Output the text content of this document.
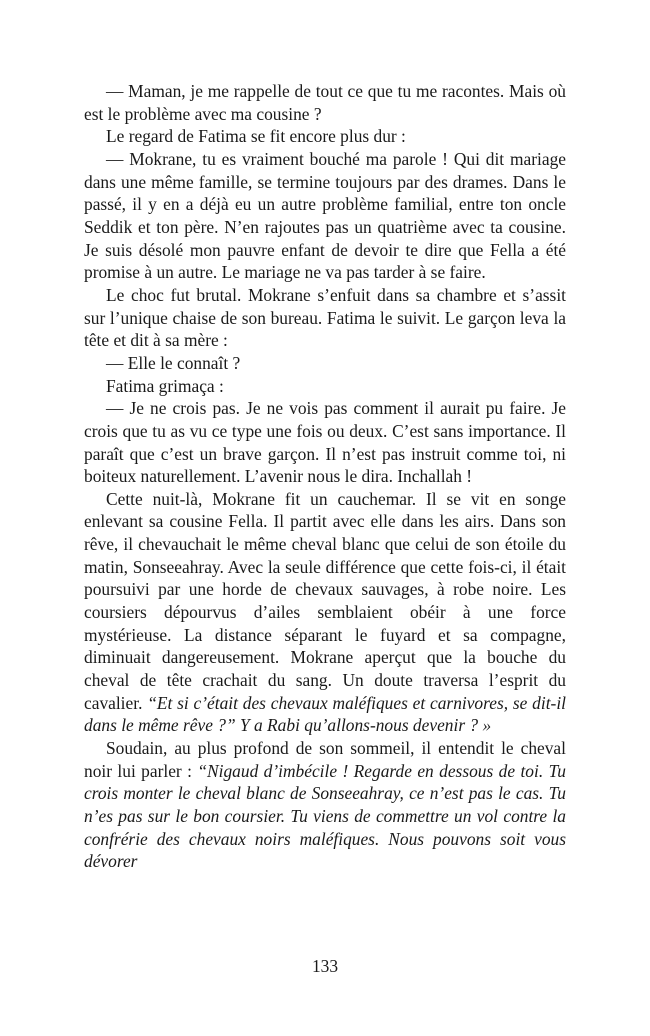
— Maman, je me rappelle de tout ce que tu me racontes. Mais où est le problème avec ma cousine ?

Le regard de Fatima se fit encore plus dur :

— Mokrane, tu es vraiment bouché ma parole ! Qui dit mariage dans une même famille, se termine toujours par des drames. Dans le passé, il y en a déjà eu un autre problème familial, entre ton oncle Seddik et ton père. N’en rajoutes pas un quatrième avec ta cousine. Je suis désolé mon pauvre enfant de devoir te dire que Fella a été promise à un autre. Le mariage ne va pas tarder à se faire.

Le choc fut brutal. Mokrane s’enfuit dans sa chambre et s’assit sur l’unique chaise de son bureau. Fatima le suivit. Le garçon leva la tête et dit à sa mère :

— Elle le connaît ?

Fatima grimaça :

— Je ne crois pas. Je ne vois pas comment il aurait pu faire. Je crois que tu as vu ce type une fois ou deux. C’est sans importance. Il paraît que c’est un brave garçon. Il n’est pas instruit comme toi, ni boiteux naturellement. L’avenir nous le dira. Inchallah !

Cette nuit-là, Mokrane fit un cauchemar. Il se vit en songe enlevant sa cousine Fella. Il partit avec elle dans les airs. Dans son rêve, il chevauchait le même cheval blanc que celui de son étoile du matin, Sonseeahray. Avec la seule différence que cette fois-ci, il était poursuivi par une horde de chevaux sauvages, à robe noire. Les coursiers dépourvus d’ailes semblaient obéir à une force mystérieuse. La distance séparant le fuyard et sa compagne, diminuait dangereusement. Mokrane aperçut que la bouche du cheval de tête crachait du sang. Un doute traversa l’esprit du cavalier. “Et si c’était des chevaux maléfiques et carnivores, se dit-il dans le même rêve ?” Y a Rabi qu’allons-nous devenir ? »

Soudain, au plus profond de son sommeil, il entendit le cheval noir lui parler : “Nigaud d’imbécile ! Regarde en dessous de toi. Tu crois monter le cheval blanc de Sonseeahray, ce n’est pas le cas. Tu n’es pas sur le bon coursier. Tu viens de commettre un vol contre la confrérie des chevaux noirs maléfiques. Nous pouvons soit vous dévorer

133
